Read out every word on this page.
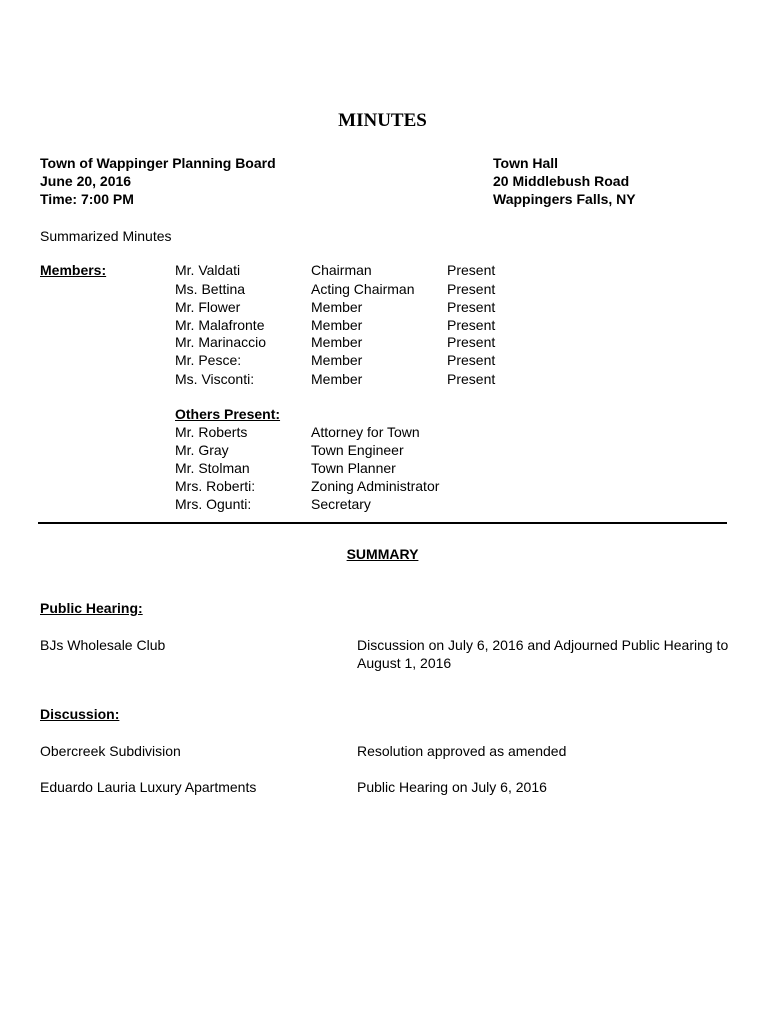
MINUTES
Town of Wappinger Planning Board
June 20, 2016
Time: 7:00 PM
Town Hall
20 Middlebush Road
Wappingers Falls, NY
Summarized Minutes
Members:	Mr. Valdati	Chairman	Present
Ms. Bettina	Acting Chairman Present
Mr. Flower	Member	Present
Mr. Malafronte	Member	Present
Mr. Marinaccio	Member	Present
Mr. Pesce:	Member	Present
Ms. Visconti:	Member	Present
Others Present:
Mr. Roberts	Attorney for Town
Mr. Gray	Town Engineer
Mr. Stolman	Town Planner
Mrs. Roberti:	Zoning Administrator
Mrs. Ogunti:	Secretary
SUMMARY
Public Hearing:
BJs Wholesale Club	Discussion on July 6, 2016 and Adjourned Public Hearing to August 1, 2016
Discussion:
Obercreek Subdivision	Resolution approved as amended
Eduardo Lauria Luxury Apartments	Public Hearing on July 6, 2016
